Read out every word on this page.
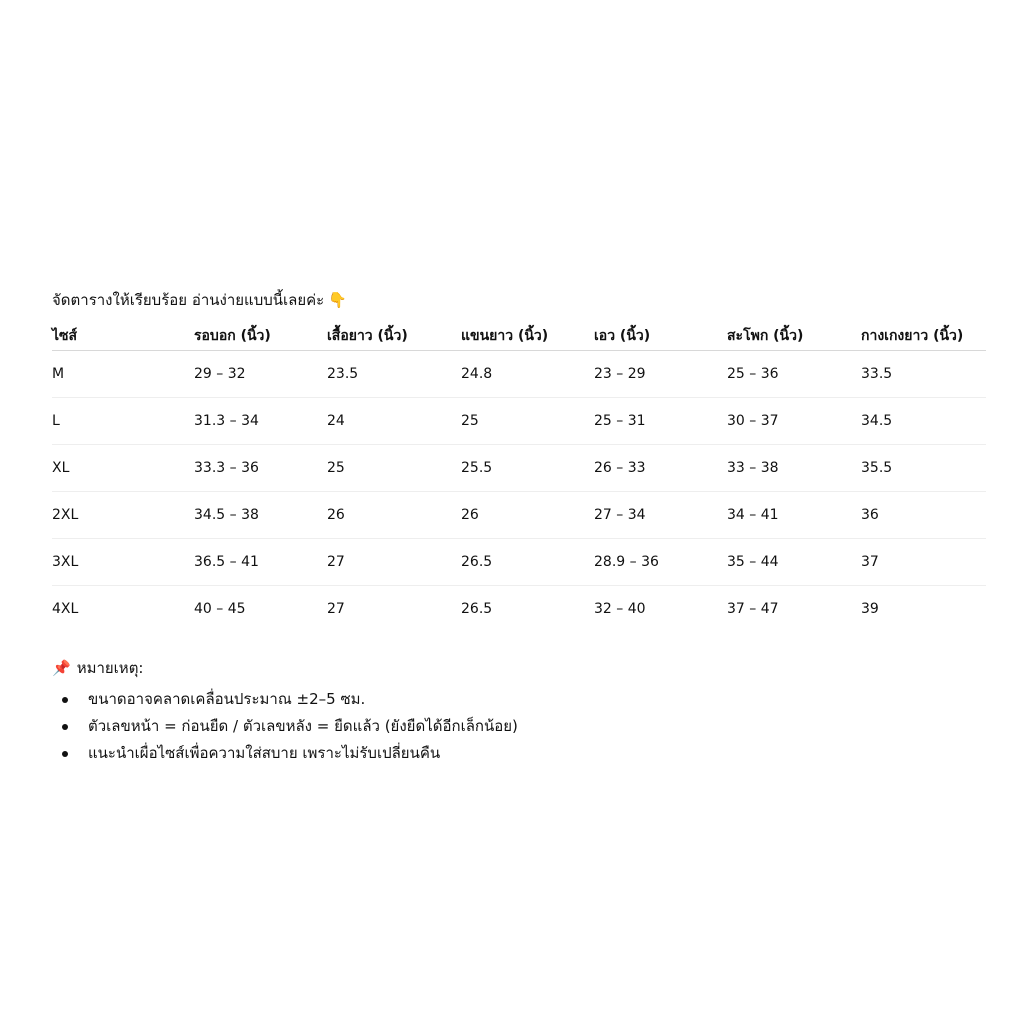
จัดตารางให้เรียบร้อย อ่านง่ายแบบนี้เลยค่ะ 👇
ไซส์	รอบอก (นิ้ว)	เสื้อยาว (นิ้ว)	แขนยาว (นิ้ว)	เอว (นิ้ว)	สะโพก (นิ้ว)	กางเกงยาว (นิ้ว)
M	29 – 32	23.5	24.8	23 – 29	25 – 36	33.5
L	31.3 – 34	24	25	25 – 31	30 – 37	34.5
XL	33.3 – 36	25	25.5	26 – 33	33 – 38	35.5
2XL	34.5 – 38	26	26	27 – 34	34 – 41	36
3XL	36.5 – 41	27	26.5	28.9 – 36	35 – 44	37
4XL	40 – 45	27	26.5	32 – 40	37 – 47	39
📌 หมายเหตุ:
ขนาดอาจคลาดเคลื่อนประมาณ ±2–5 ซม.
ตัวเลขหน้า = ก่อนยืด / ตัวเลขหลัง = ยืดแล้ว (ยังยืดได้อีกเล็กน้อย)
แนะนำเผื่อไซส์เพื่อความใส่สบาย เพราะไม่รับเปลี่ยนคืน
